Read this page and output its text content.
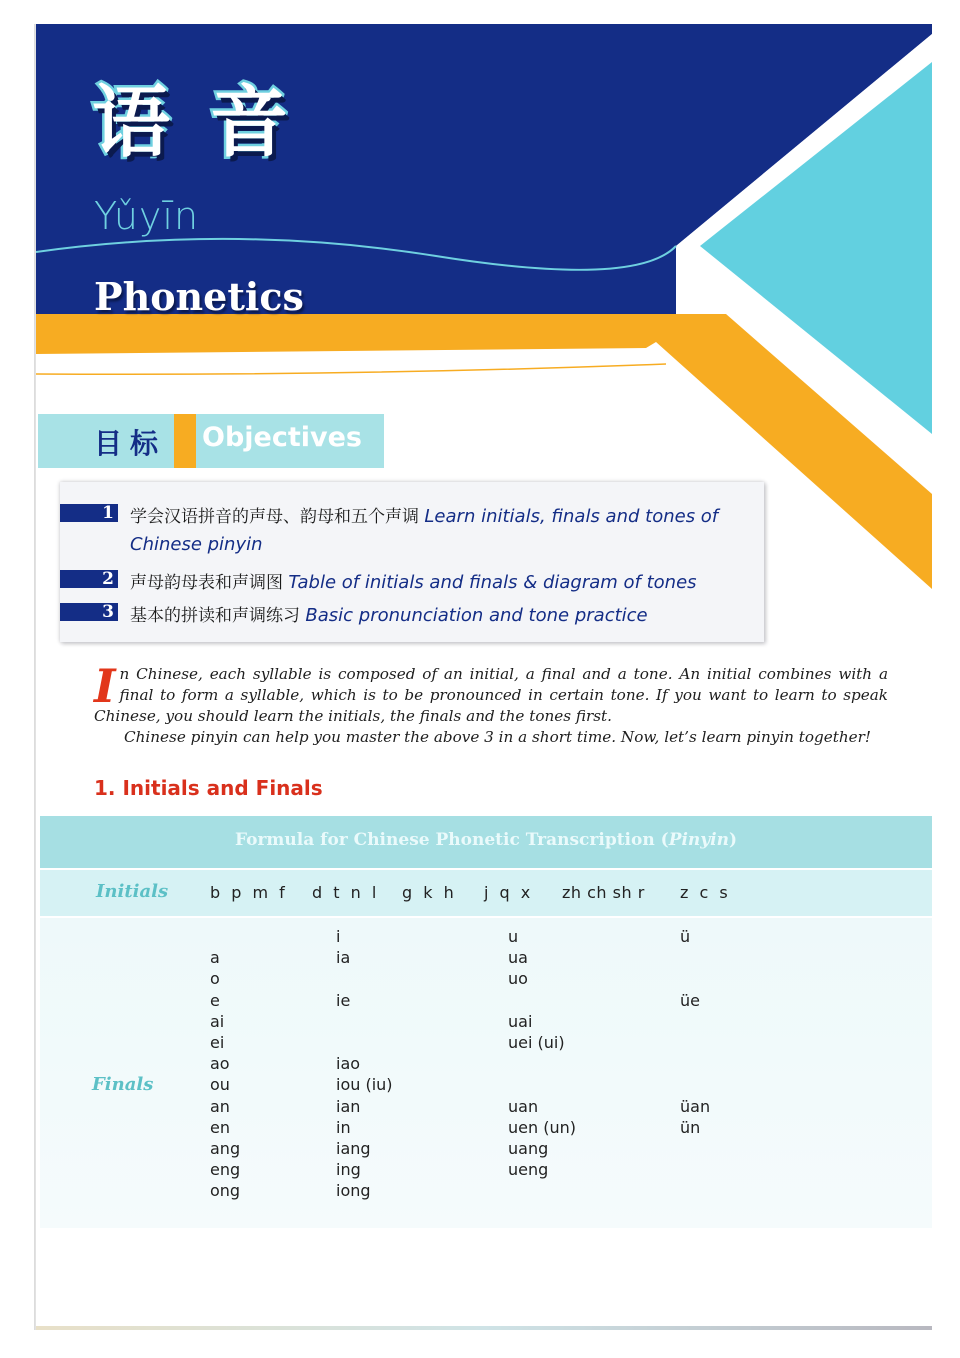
语音
Yǔyīn
Phonetics
目标 Objectives
1 学会汉语拼音的声母、韵母和五个声调 Learn initials, finals and tones of
Chinese pinyin
2 声母韵母表和声调图 Table of initials and finals & diagram of tones
3 基本的拼读和声调练习 Basic pronunciation and tone practice

In Chinese, each syllable is composed of an initial, a final and a tone. An initial combines with a final to form a syllable, which is to be pronounced in certain tone. If you want to learn to speak Chinese, you should learn the initials, the finals and the tones first.

Chinese pinyin can help you master the above 3 in a short time. Now, let’s learn pinyin together!

1. Initials and Finals
Formula for Chinese Phonetic Transcription (Pinyin)
Initials	b p m f d t n l g k h j q x zh ch sh r z c s
Finals
a
o
e
ai
ei
ao
ou
an
en
ang
eng
ong
i
ia
ie
iao
iou (iu)
ian
in
iang
ing
iong
u
ua
uo
uai
uei (ui)
uan
uen (un)
uang
ueng
ü
üe
üan
ün
